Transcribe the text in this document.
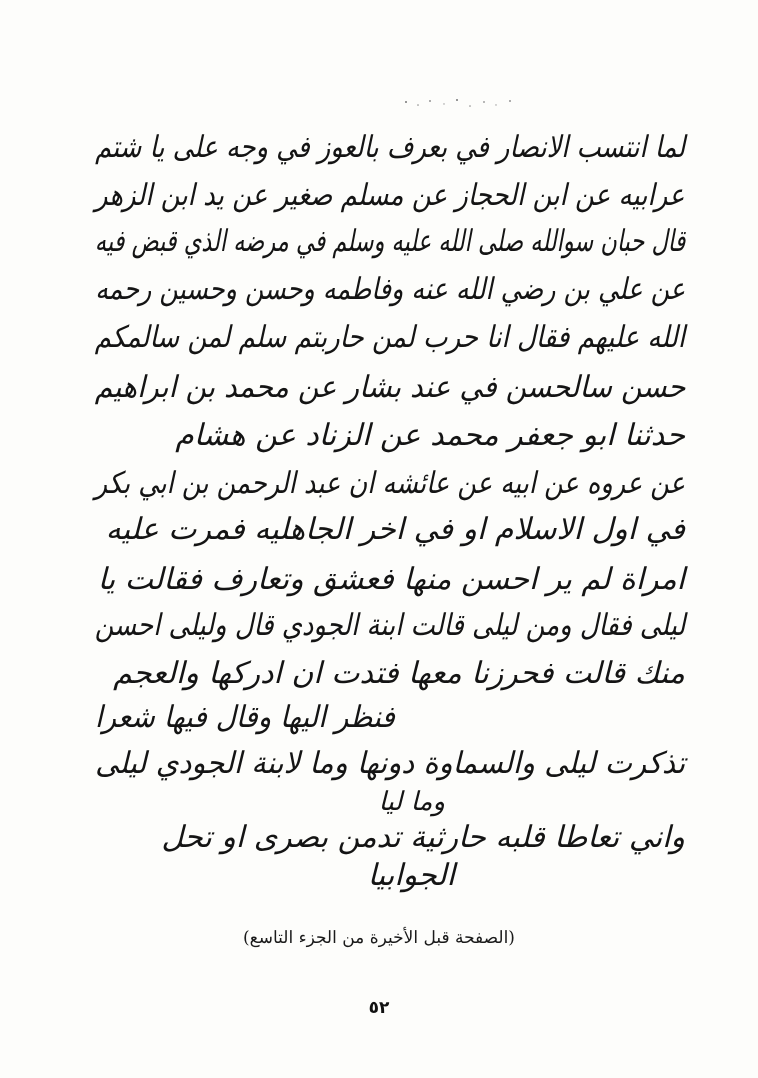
لما انتسب الانصار في بعرف بالعوز في وجه على يا شتم
عرابيه عن ابن الحجاز عن مسلم صغير عن يد ابن الزهر
قال حبان سوالله صلى الله عليه وسلم في مرضه الذي قبض فيه
عن علي بن رضي الله عنه وفاطمه وحسن وحسين رحمه
الله عليهم فقال انا حرب لمن حاربتم سلم لمن سالمكم
حسن سالحسن في عند بشار عن محمد بن ابراهيم
حدثنا ابو جعفر محمد عن الزناد عن هشام
عن عروه عن ابيه عن عائشه ان عبد الرحمن بن ابي بكر
في اول الاسلام او في اخر الجاهليه فمرت عليه
امراة لم ير احسن منها فعشق وتعارف فقالت يا
ليلى فقال ومن ليلى قالت ابنة الجودي قال وليلى احسن
منك قالت فحرزنا معها فتدت ان ادركها والعجم
فنظر اليها وقال فيها شعرا
تذكرت ليلى والسماوة دونها وما لابنة الجودي ليلى
وما ليا
واني تعاطا قلبه حارثية تدمن بصرى او تحل
الجوابيا
(الصفحة قبل الأخيرة من الجزء التاسع)
٥٢
